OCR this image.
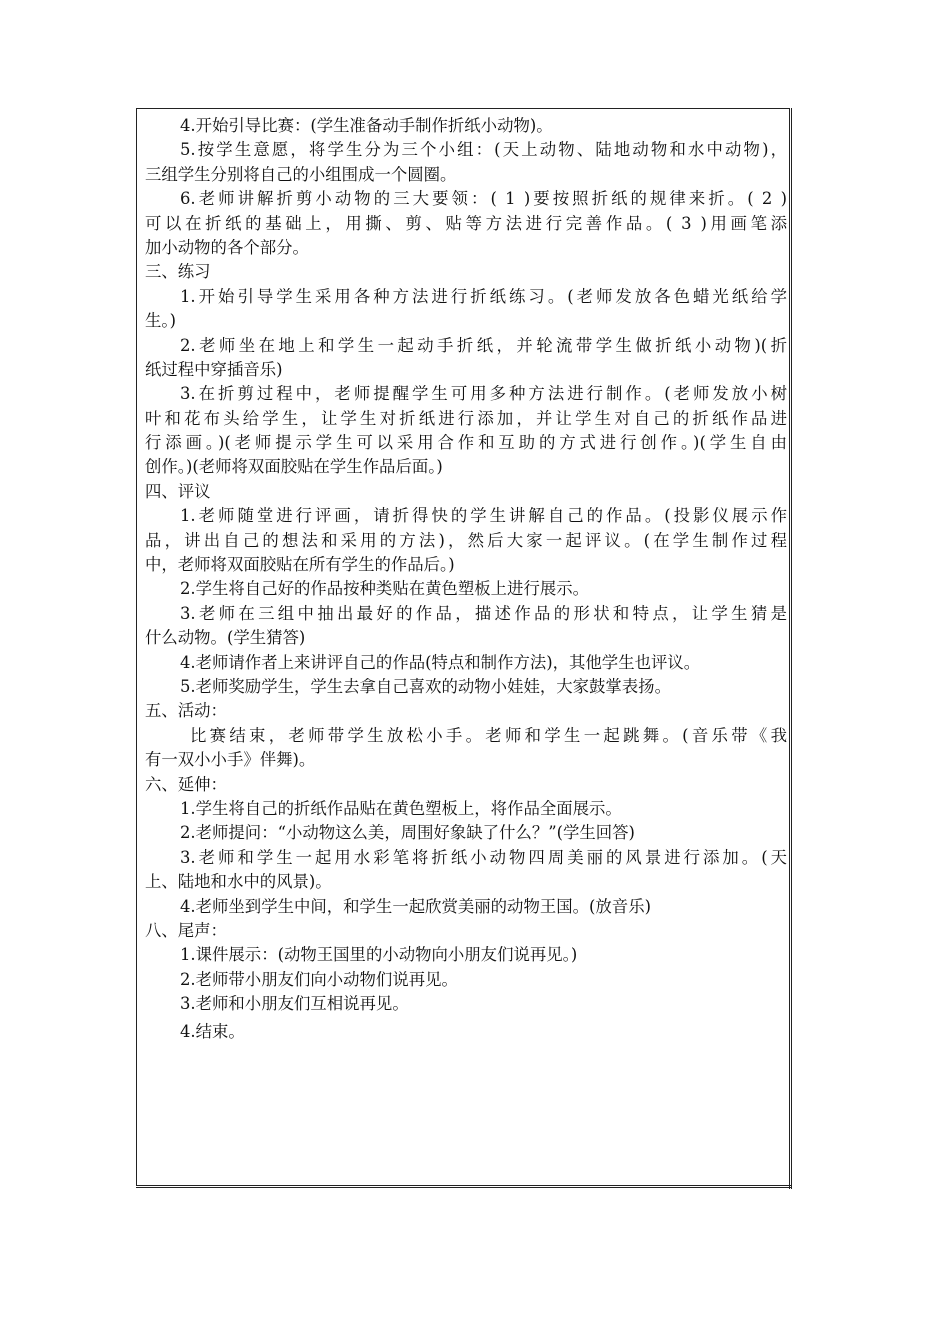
4.开始引导比赛：(学生准备动手制作折纸小动物)。
5.按学生意愿，将学生分为三个小组：(天上动物、陆地动物和水中动物)，
三组学生分别将自己的小组围成一个圆圈。
6.老师讲解折剪小动物的三大要领：( 1 )要按照折纸的规律来折。( 2 )
可以在折纸的基础上，用撕、剪、贴等方法进行完善作品。( 3 )用画笔添
加小动物的各个部分。
三、练习
1.开始引导学生采用各种方法进行折纸练习。(老师发放各色蜡光纸给学
生。)
2.老师坐在地上和学生一起动手折纸，并轮流带学生做折纸小动物)(折
纸过程中穿插音乐)
3.在折剪过程中，老师提醒学生可用多种方法进行制作。(老师发放小树
叶和花布头给学生，让学生对折纸进行添加，并让学生对自己的折纸作品进
行添画。)(老师提示学生可以采用合作和互助的方式进行创作。)(学生自由
创作。)(老师将双面胶贴在学生作品后面。)
四、评议
1.老师随堂进行评画，请折得快的学生讲解自己的作品。(投影仪展示作
品，讲出自己的想法和采用的方法)，然后大家一起评议。(在学生制作过程
中，老师将双面胶贴在所有学生的作品后。)
2.学生将自己好的作品按种类贴在黄色塑板上进行展示。
3.老师在三组中抽出最好的作品，描述作品的形状和特点，让学生猜是
什么动物。(学生猜答)
4.老师请作者上来讲评自己的作品(特点和制作方法)，其他学生也评议。
5.老师奖励学生，学生去拿自己喜欢的动物小娃娃，大家鼓掌表扬。
五、活动：
比赛结束，老师带学生放松小手。老师和学生一起跳舞。(音乐带《我
有一双小小手》伴舞)。
六、延伸：
1.学生将自己的折纸作品贴在黄色塑板上，将作品全面展示。
2.老师提问：“小动物这么美，周围好象缺了什么？”(学生回答)
3.老师和学生一起用水彩笔将折纸小动物四周美丽的风景进行添加。(天
上、陆地和水中的风景)。
4.老师坐到学生中间，和学生一起欣赏美丽的动物王国。(放音乐)
八、尾声：
1.课件展示：(动物王国里的小动物向小朋友们说再见。)
2.老师带小朋友们向小动物们说再见。
3.老师和小朋友们互相说再见。
4.结束。
